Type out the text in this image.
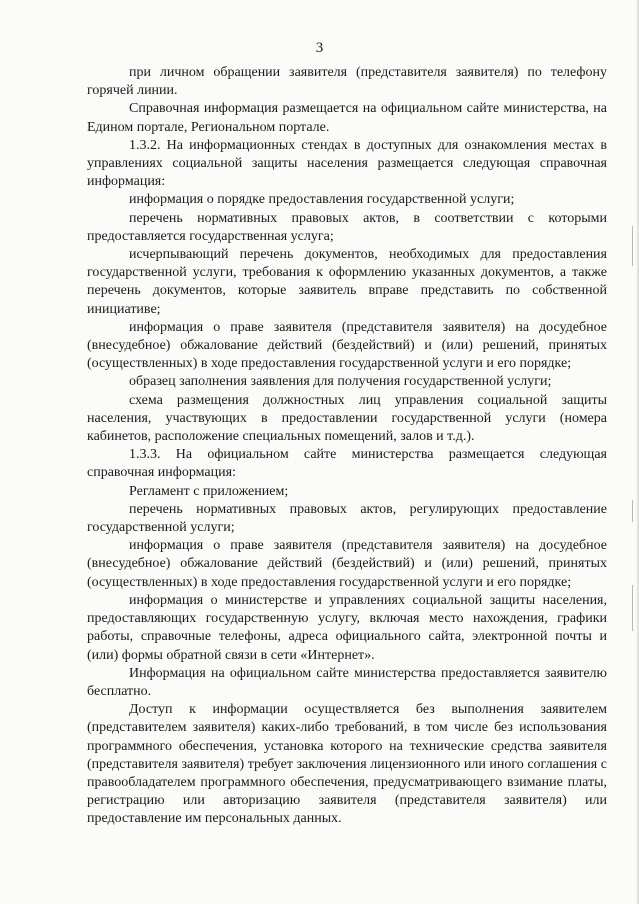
3

при личном обращении заявителя (представителя заявителя) по телефону горячей линии.

Справочная информация размещается на официальном сайте министерства, на Едином портале, Региональном портале.

1.3.2. На информационных стендах в доступных для ознакомления местах в управлениях социальной защиты населения размещается следующая справочная информация:

информация о порядке предоставления государственной услуги;

перечень нормативных правовых актов, в соответствии с которыми предоставляется государственная услуга;

исчерпывающий перечень документов, необходимых для предоставления государственной услуги, требования к оформлению указанных документов, а также перечень документов, которые заявитель вправе представить по собственной инициативе;

информация о праве заявителя (представителя заявителя) на досудебное (внесудебное) обжалование действий (бездействий) и (или) решений, принятых (осуществленных) в ходе предоставления государственной услуги и его порядке;

образец заполнения заявления для получения государственной услуги;

схема размещения должностных лиц управления социальной защиты населения, участвующих в предоставлении государственной услуги (номера кабинетов, расположение специальных помещений, залов и т.д.).

1.3.3. На официальном сайте министерства размещается следующая справочная информация:

Регламент с приложением;

перечень нормативных правовых актов, регулирующих предоставление государственной услуги;

информация о праве заявителя (представителя заявителя) на досудебное (внесудебное) обжалование действий (бездействий) и (или) решений, принятых (осуществленных) в ходе предоставления государственной услуги и его порядке;

информация о министерстве и управлениях социальной защиты населения, предоставляющих государственную услугу, включая место нахождения, графики работы, справочные телефоны, адреса официального сайта, электронной почты и (или) формы обратной связи в сети «Интернет».

Информация на официальном сайте министерства предоставляется заявителю бесплатно.

Доступ к информации осуществляется без выполнения заявителем (представителем заявителя) каких-либо требований, в том числе без использования программного обеспечения, установка которого на технические средства заявителя (представителя заявителя) требует заключения лицензионного или иного соглашения с правообладателем программного обеспечения, предусматривающего взимание платы, регистрацию или авторизацию заявителя (представителя заявителя) или предоставление им персональных данных.
